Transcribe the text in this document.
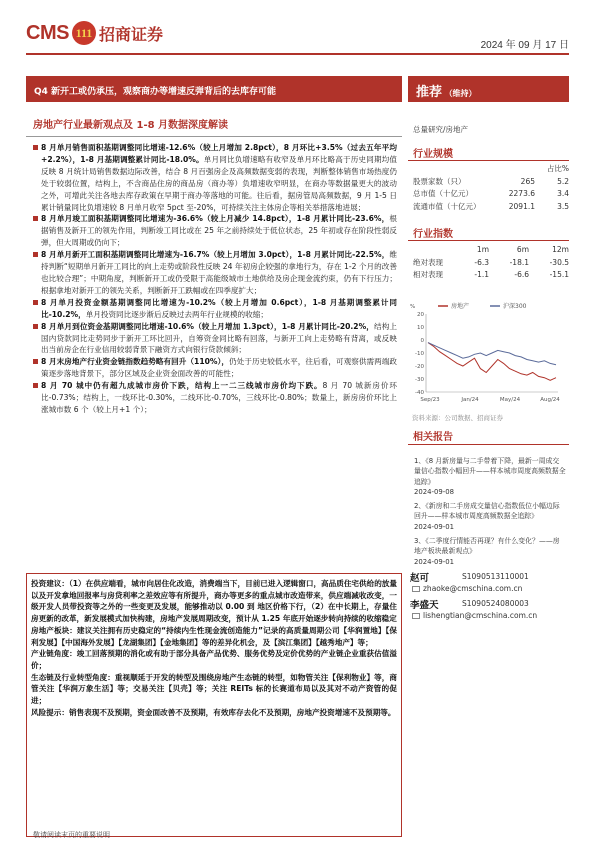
CMS 111 招商证券
2024 年 09 月 17 日
Q4 新开工或仍承压，观察商办等增速反弹背后的去库存可能	推荐 （维持）
房地产行业最新观点及 1-8 月数据深度解读

8 月单月销售面积基期调整同比增速-12.6%（较上月增加 2.8pct），8 月环比+3.5%（过去五年平均+2.2%），1-8 月基期调整累计同比-18.0%。单月同比负增速略有收窄及单月环比略高于历史同期均值反映 8 月统计局销售数据边际改善，结合 8 月百强房企及高频数据变弱的表现，判断整体销售市场热度仍处于较弱位置，结构上，不含商品住房的商品房（商办等）负增速收窄明显，在商办等数据量更大的波动之外，可增此关注各地去库存政策在早期于商办等落地的可能。往后看，据房管局高频数据，9 月 1-5 日累计销量同比负增速较 8 月单月收窄 5pct 至-20%，可持续关注主体房企等相关举措落地进展；

8 月单月竣工面积基期调整同比增速为-36.6%（较上月减少 14.8pct），1-8 月累计同比-23.6%，根据销售及新开工的领先作用，判断竣工同比或在 25 年之前持续处于低位状态，25 年初或存在阶段性弱反弹，但大周期或仍向下；

8 月单月新开工面积基期调整同比增速为-16.7%（较上月增加 3.0pct），1-8 月累计同比-22.5%，维持判断“短期单月新开工同比的向上走势或阶段性反映 24 年初房企较强的拿地行为，存在 1-2 个月的改善也比较合理”；中期角度，判断新开工或仍受限于高能级城市土地供给及房企现金流约束，仍有下行压力；根据拿地对新开工的领先关系，判断新开工跌幅或在四季度扩大；

8 月单月投资金额基期调整同比增速为-10.2%（较上月增加 0.6pct），1-8 月基期调整累计同比-10.2%，单月投资同比逐步渐后反映过去两年行业规模的收缩；

8 月单月到位资金基期调整同比增速-10.6%（较上月增加 1.3pct），1-8 月累计同比-20.2%，结构上国内贷款同比走势同步于新开工环比回升，自筹资金同比略有回落，与新开工向上走势略有背离，或反映出当前房企在行业信用较弱背景下融资方式向银行贷款倾斜；

8 月末房地产行业资金链指数趋势略有回升（110%），仍处于历史较低水平，往后看，可观察供需两端政策逐步落地背景下，部分区域及企业资金面改善的可能性；

8 月 70 城中仍有超九成城市房价下跌，结构上一二三线城市房价均下跌。8 月 70 城新房价环比-0.73%；结构上，一线环比-0.30%，二线环比-0.70%，三线环比-0.80%；数量上，新房房价环比上涨城市数 6 个（较上月+1 个）；

投资建议：（1）在供应端看，城市向居住化改造，消费端当下，目前已进入逻辑窗口，高品质住宅供给的放量以及开发拿地回报率与房贷利率之差效应等有所提升，商办等更多的重点城市改造带来，供应端减收改变，一级开发人员带投资等之外的一些变更及发展，能够推动以 0.00 到 地区价格下行，（2）在中长期上，存量住房更新的改革，新发展模式加快构建，房地产发展周期改变，预计从 1.25 年底开始逐步转向持续的收缩稳定

房地产板块：建议关注拥有历史稳定的“持续内生性现金流创造能力”记录的高质量周期公司【华润置地】【保利发展】【中国海外发展】【龙湖集团】【金地集团】等的差异化机会，及【滨江集团】【越秀地产】等；

产业链角度：竣工回落预期的消化或有助于部分具备产品优势、服务优势及定价优势的产业链企业重获估值溢价；

生态链及行业转型角度：重视顺延于开发的转型及围绕房地产生态链的转型，如物管关注【保利物业】等，商管关注【华润万象生活】等；交易关注【贝壳】等；关注 REITs 标的长赛道布局以及其对不动产资管的促进；

风险提示：销售表现不及预期，资金面改善不及预期，有效库存去化不及预期，房地产投资增速不及预期等。

敬请阅读末页的重要说明
总量研究/房地产
行业规模
占比%
股票家数（只）	265	5.2
总市值（十亿元）	2273.6	3.4
流通市值（十亿元）	2091.1	3.5
行业指数
1m	6m	12m
绝对表现	-6.3	-18.1	-30.5
相对表现	-1.1	-6.6	-15.1
20
10
0
-10
-20
-30
-40
%
Sep/23	Jan/24	May/24	Aug/24
房地产	沪深300
资料来源：公司数据、招商证券
相关报告
1、《8 月新房量与二手带着下降，最新一周成交量信心指数小幅回升——样本城市周度高频数据全追踪》
2024-09-08
2、《新房和二手房成交量信心指数低位小幅边际回升——样本城市周度高频数据全追踪》
2024-09-01
3、《二季度行情能否再现？有什么变化？——房地产板块最新观点》
2024-09-01
赵可	S1090513110001
zhaoke@cmschina.com.cn
李盛天	S1090524080003
lishengtian@cmschina.com.cn
